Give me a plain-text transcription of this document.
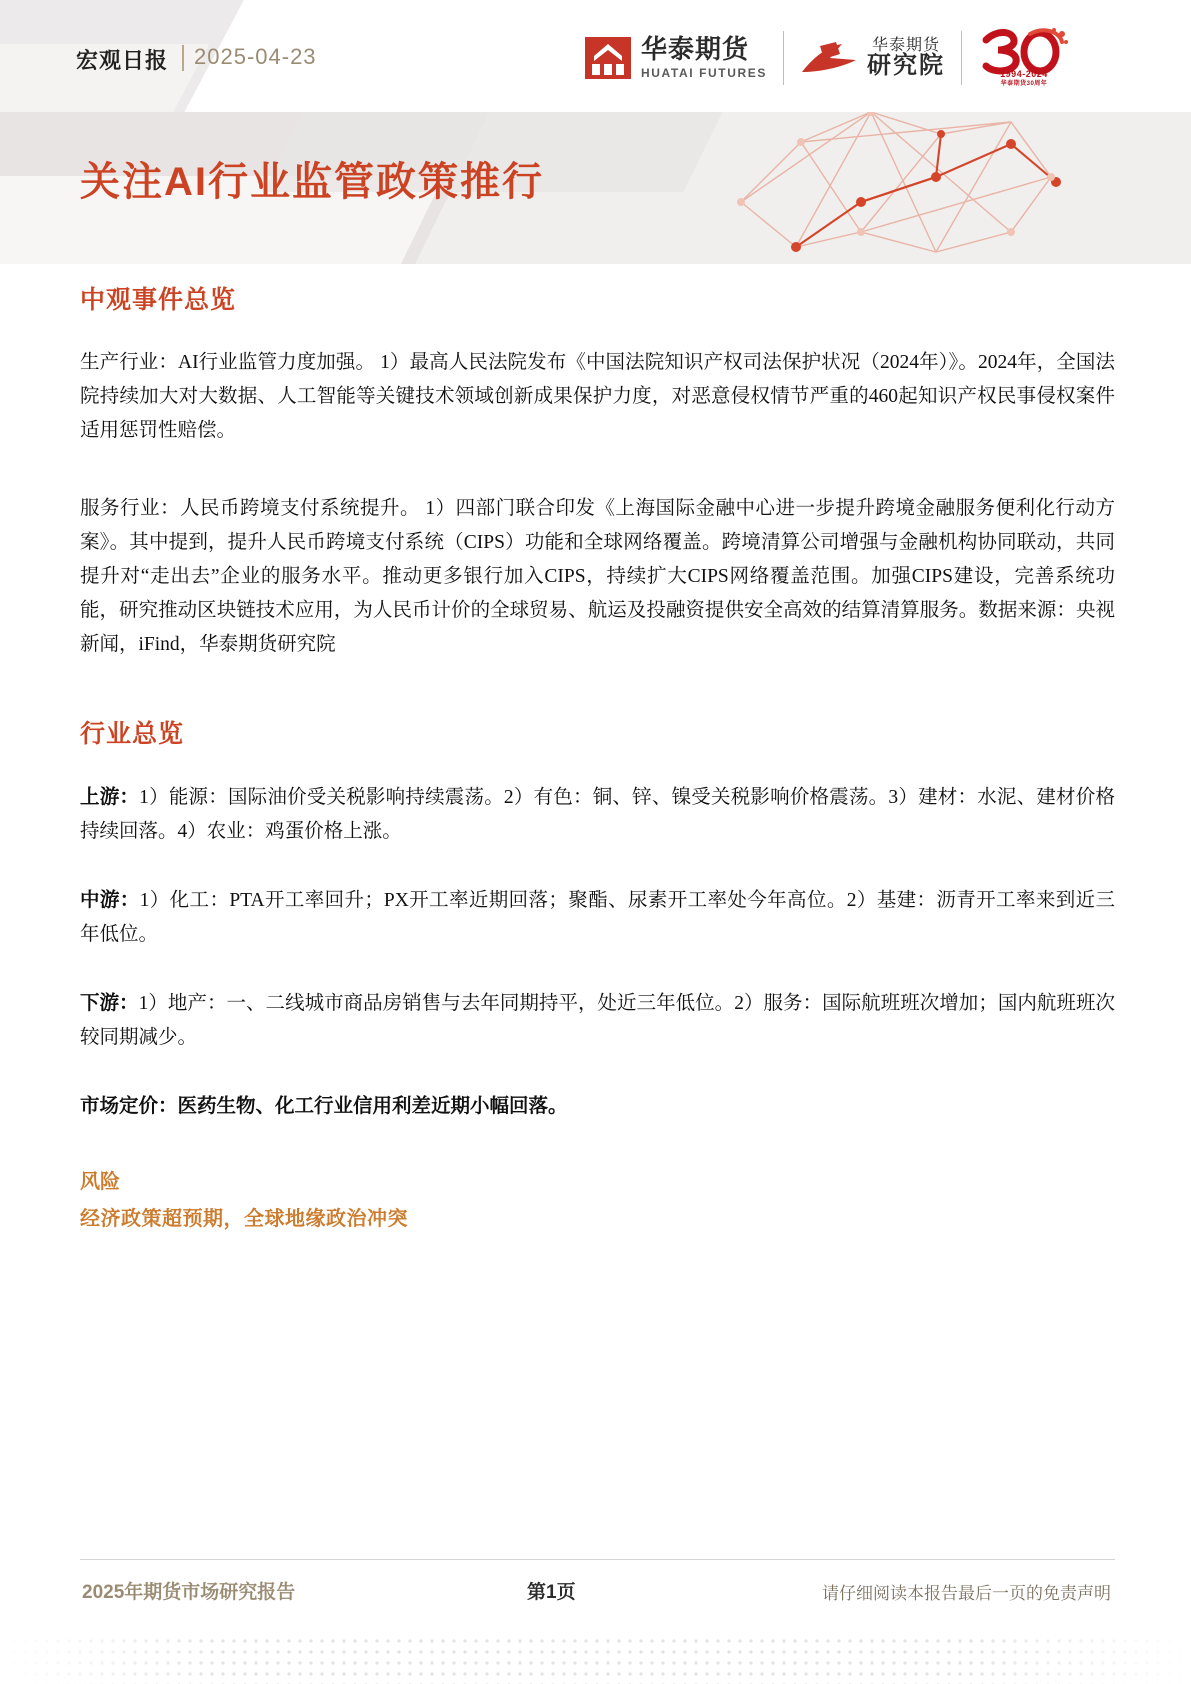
宏观日报 2025-04-23	华泰期货
HUATAI FUTURES
华泰期货
研究院	1994-2024
华泰期货30周年
关注AI行业监管政策推行
中观事件总览

生产行业：AI行业监管力度加强。 1）最高人民法院发布《中国法院知识产权司法保护状况（2024年）》。2024年，全国法院持续加大对大数据、人工智能等关键技术领域创新成果保护力度，对恶意侵权情节严重的460起知识产权民事侵权案件适用惩罚性赔偿。

服务行业：人民币跨境支付系统提升。 1）四部门联合印发《上海国际金融中心进一步提升跨境金融服务便利化行动方案》。其中提到，提升人民币跨境支付系统（CIPS）功能和全球网络覆盖。跨境清算公司增强与金融机构协同联动，共同提升对“走出去”企业的服务水平。推动更多银行加入CIPS，持续扩大CIPS网络覆盖范围。加强CIPS建设，完善系统功能，研究推动区块链技术应用，为人民币计价的全球贸易、航运及投融资提供安全高效的结算清算服务。数据来源：央视新闻，iFind，华泰期货研究院

行业总览

上游：1）能源：国际油价受关税影响持续震荡。2）有色：铜、锌、镍受关税影响价格震荡。3）建材：水泥、建材价格持续回落。4）农业：鸡蛋价格上涨。

中游：1）化工：PTA开工率回升；PX开工率近期回落；聚酯、尿素开工率处今年高位。2）基建：沥青开工率来到近三年低位。

下游：1）地产：一、二线城市商品房销售与去年同期持平，处近三年低位。2）服务：国际航班班次增加；国内航班班次较同期减少。

市场定价：医药生物、化工行业信用利差近期小幅回落。

风险

经济政策超预期，全球地缘政治冲突

2025年期货市场研究报告	第1页	请仔细阅读本报告最后一页的免责声明
